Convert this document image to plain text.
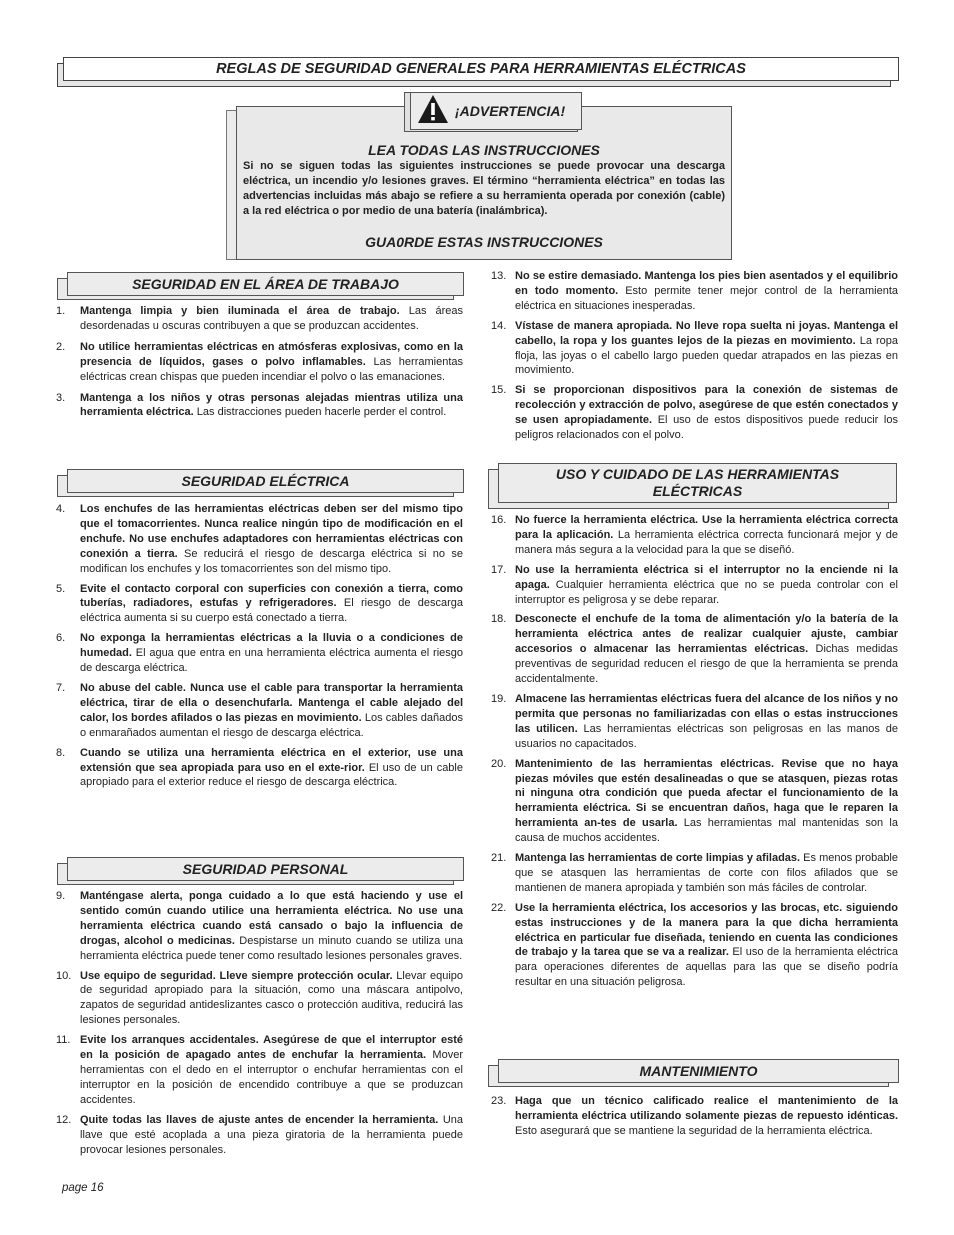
REGLAS DE SEGURIDAD GENERALES PARA HERRAMIENTAS ELÉCTRICAS
¡ADVERTENCIA!
LEA TODAS LAS INSTRUCCIONES
Si no se siguen todas las siguientes instrucciones se puede provocar una descarga eléctrica, un incendio y/o lesiones graves. El término “herramienta eléctrica” en todas las advertencias incluidas más abajo se refiere a su herramienta operada por conexión (cable) a la red eléctrica o por medio de una batería (inalámbrica).
GUA0RDE ESTAS INSTRUCCIONES
SEGURIDAD EN EL ÁREA DE TRABAJO
SEGURIDAD ELÉCTRICA
SEGURIDAD PERSONAL
USO Y CUIDADO DE LAS HERRAMIENTAS ELÉCTRICAS
MANTENIMIENTO

1. Mantenga limpia y bien iluminada el área de trabajo. Las áreas desordenadas u oscuras contribuyen a que se produzcan accidentes.

2. No utilice herramientas eléctricas en atmósferas explosivas, como en la presencia de líquidos, gases o polvo inflamables. Las herramientas eléctricas crean chispas que pueden incendiar el polvo o las emanaciones.

3. Mantenga a los niños y otras personas alejadas mientras utiliza una herramienta eléctrica. Las distracciones pueden hacerle perder el control.

4. Los enchufes de las herramientas eléctricas deben ser del mismo tipo que el tomacorrientes. Nunca realice ningún tipo de modificación en el enchufe. No use enchufes adaptadores con herramientas eléctricas con conexión a tierra. Se reducirá el riesgo de descarga eléctrica si no se modifican los enchufes y los tomacorrientes son del mismo tipo.

5. Evite el contacto corporal con superficies con conexión a tierra, como tuberías, radiadores, estufas y refrigeradores. El riesgo de descarga eléctrica aumenta si su cuerpo está conectado a tierra.

6. No exponga la herramientas eléctricas a la lluvia o a condiciones de humedad. El agua que entra en una herramienta eléctrica aumenta el riesgo de descarga eléctrica.

7. No abuse del cable. Nunca use el cable para transportar la herramienta eléctrica, tirar de ella o desenchufarla. Mantenga el cable alejado del calor, los bordes afilados o las piezas en movimiento. Los cables dañados o enmarañados aumentan el riesgo de descarga eléctrica.

8. Cuando se utiliza una herramienta eléctrica en el exterior, use una extensión que sea apropiada para uso en el exte-rior. El uso de un cable apropiado para el exterior reduce el riesgo de descarga eléctrica.

9. Manténgase alerta, ponga cuidado a lo que está haciendo y use el sentido común cuando utilice una herramienta eléctrica. No use una herramienta eléctrica cuando está cansado o bajo la influencia de drogas, alcohol o medicinas. Despistarse un minuto cuando se utiliza una herramienta eléctrica puede tener como resultado lesiones personales graves.

10. Use equipo de seguridad. Lleve siempre protección ocular. Llevar equipo de seguridad apropiado para la situación, como una máscara antipolvo, zapatos de seguridad antideslizantes casco o protección auditiva, reducirá las lesiones personales.

11. Evite los arranques accidentales. Asegúrese de que el interruptor esté en la posición de apagado antes de enchufar la herramienta. Mover herramientas con el dedo en el interruptor o enchufar herramientas con el interruptor en la posición de encendido contribuye a que se produzcan accidentes.

12. Quite todas las llaves de ajuste antes de encender la herramienta. Una llave que esté acoplada a una pieza giratoria de la herramienta puede provocar lesiones personales.

13. No se estire demasiado. Mantenga los pies bien asentados y el equilibrio en todo momento. Esto permite tener mejor control de la herramienta eléctrica en situaciones inesperadas.

14. Vístase de manera apropiada. No lleve ropa suelta ni joyas. Mantenga el cabello, la ropa y los guantes lejos de la piezas en movimiento. La ropa floja, las joyas o el cabello largo pueden quedar atrapados en las piezas en movimiento.

15. Si se proporcionan dispositivos para la conexión de sistemas de recolección y extracción de polvo, asegúrese de que estén conectados y se usen apropiadamente. El uso de estos dispositivos puede reducir los peligros relacionados con el polvo.

16. No fuerce la herramienta eléctrica. Use la herramienta eléctrica correcta para la aplicación. La herramienta eléctrica correcta funcionará mejor y de manera más segura a la velocidad para la que se diseñó.

17. No use la herramienta eléctrica si el interruptor no la enciende ni la apaga. Cualquier herramienta eléctrica que no se pueda controlar con el interruptor es peligrosa y se debe reparar.

18. Desconecte el enchufe de la toma de alimentación y/o la batería de la herramienta eléctrica antes de realizar cualquier ajuste, cambiar accesorios o almacenar las herramientas eléctricas. Dichas medidas preventivas de seguridad reducen el riesgo de que la herramienta se prenda accidentalmente.

19. Almacene las herramientas eléctricas fuera del alcance de los niños y no permita que personas no familiarizadas con ellas o estas instrucciones las utilicen. Las herramientas eléctricas son peligrosas en las manos de usuarios no capacitados.

20. Mantenimiento de las herramientas eléctricas. Revise que no haya piezas móviles que estén desalineadas o que se atasquen, piezas rotas ni ninguna otra condición que pueda afectar el funcionamiento de la herramienta eléctrica. Si se encuentran daños, haga que le reparen la herramienta an-tes de usarla. Las herramientas mal mantenidas son la causa de muchos accidentes.

21. Mantenga las herramientas de corte limpias y afiladas. Es menos probable que se atasquen las herramientas de corte con filos afilados que se mantienen de manera apropiada y también son más fáciles de controlar.

22. Use la herramienta eléctrica, los accesorios y las brocas, etc. siguiendo estas instrucciones y de la manera para la que dicha herramienta eléctrica en particular fue diseñada, teniendo en cuenta las condiciones de trabajo y la tarea que se va a realizar. El uso de la herramienta eléctrica para operaciones diferentes de aquellas para las que se diseño podría resultar en una situación peligrosa.

23. Haga que un técnico calificado realice el mantenimiento de la herramienta eléctrica utilizando solamente piezas de repuesto idénticas. Esto asegurará que se mantiene la seguridad de la herramienta eléctrica.

page 16
